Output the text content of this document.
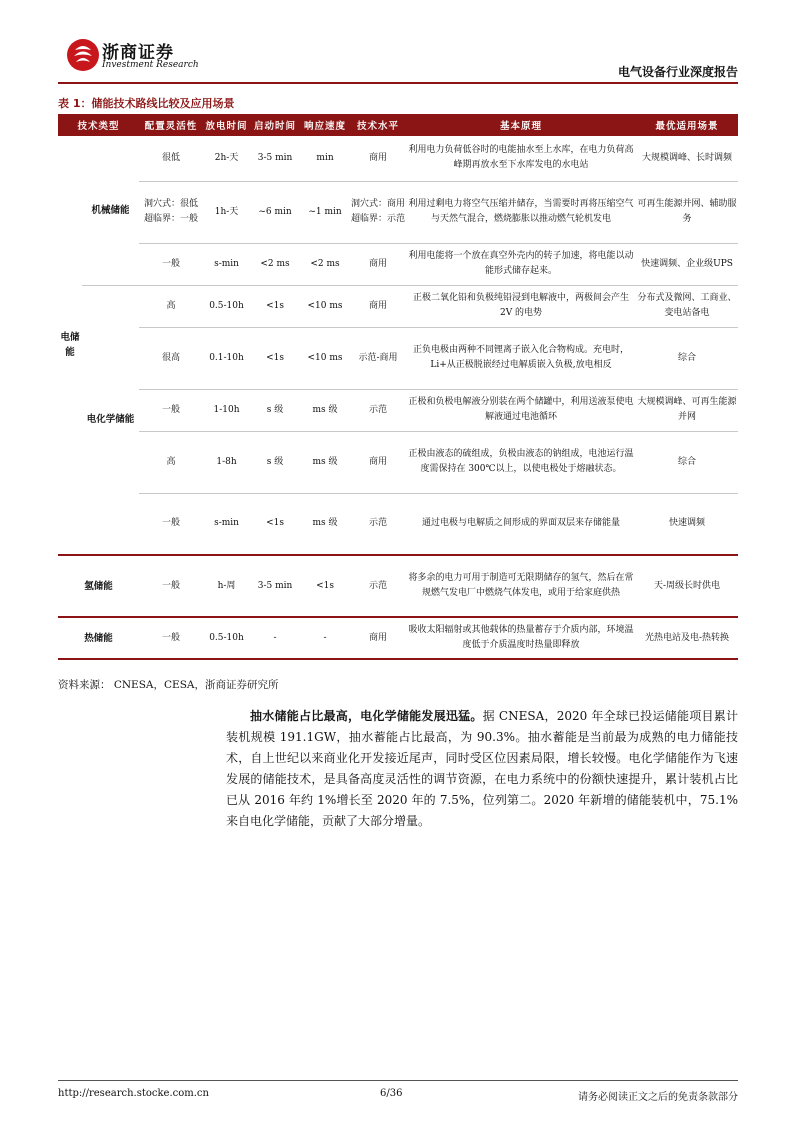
浙商证券
Investment Research	电气设备行业深度报告
表 1：储能技术路线比较及应用场景
技术类型		配置灵活性	放电时间	启动时间	响应速度	技术水平	基本原理	最优适用场景
电储能	机械储能	很低	2h-天	3-5 min	min	商用	利用电力负荷低谷时的电能抽水至上水库，在电力负荷高峰期再放水至下水库发电的水电站	大规模调峰、长时调频
		洞穴式：很低 超临界：一般	1h-天	~6 min	~1 min	洞穴式：商用 超临界：示范	利用过剩电力将空气压缩并储存，当需要时再将压缩空气与天然气混合，燃烧膨胀以推动燃气轮机发电	可再生能源并网、辅助服务
		一般	s-min	<2 ms	<2 ms	商用	利用电能将一个放在真空外壳内的转子加速，将电能以动能形式储存起来。	快速调频、企业级UPS
	电化学储能	高	0.5-10h	<1s	<10 ms	商用	正极二氧化铅和负极纯铅浸到电解液中，两极间会产生 2V 的电势	分布式及微网、工商业、变电站备电
		很高	0.1-10h	<1s	<10 ms	示范-商用	正负电极由两种不同锂离子嵌入化合物构成。充电时，Li+从正极脱嵌经过电解质嵌入负极,放电相反	综合
		一般	1-10h	s 级	ms 级	示范	正极和负极电解液分别装在两个储罐中，利用送液泵使电解液通过电池循环	大规模调峰、可再生能源并网
		高	1-8h	s 级	ms 级	商用	正极由液态的硫组成，负极由液态的钠组成，电池运行温度需保持在 300℃以上，以使电极处于熔融状态。	综合
		一般	s-min	<1s	ms 级	示范	通过电极与电解质之间形成的界面双层来存储能量	快速调频
氢储能		一般	h-周	3-5 min	<1s	示范	将多余的电力可用于制造可无限期储存的氢气，然后在常规燃气发电厂中燃烧气体发电，或用于给家庭供热	天-周级长时供电
热储能		一般	0.5-10h	-	-	商用	吸收太阳辐射或其他载体的热量蓄存于介质内部，环境温度低于介质温度时热量即释放	光热电站及电-热转换
资料来源： CNESA，CESA，浙商证券研究所
抽水储能占比最高，电化学储能发展迅猛。据 CNESA，2020 年全球已投运储能项目累计装机规模 191.1GW，抽水蓄能占比最高，为 90.3%。抽水蓄能是当前最为成熟的电力储能技术，自上世纪以来商业化开发接近尾声，同时受区位因素局限，增长较慢。电化学储能作为飞速发展的储能技术，是具备高度灵活性的调节资源，在电力系统中的份额快速提升，累计装机占比已从 2016 年约 1%增长至 2020 年的 7.5%，位列第二。2020 年新增的储能装机中，75.1%来自电化学储能，贡献了大部分增量。
http://research.stocke.com.cn	6/36	请务必阅读正文之后的免责条款部分
